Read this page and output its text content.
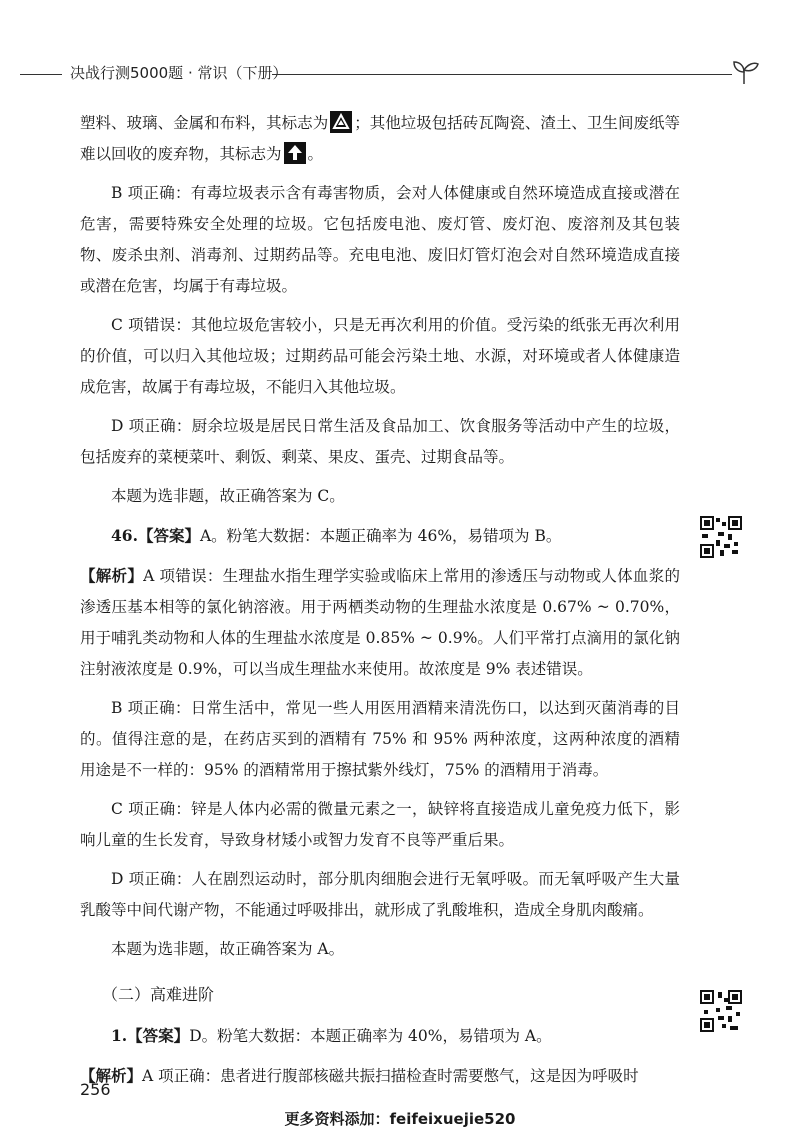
决战行测5000题 · 常识（下册）

塑料、玻璃、金属和布料，其标志为 ；其他垃圾包括砖瓦陶瓷、渣土、卫生间废纸等难以回收的废弃物，其标志为 。

B 项正确：有毒垃圾表示含有毒害物质，会对人体健康或自然环境造成直接或潜在危害，需要特殊安全处理的垃圾。它包括废电池、废灯管、废灯泡、废溶剂及其包装物、废杀虫剂、消毒剂、过期药品等。充电电池、废旧灯管灯泡会对自然环境造成直接或潜在危害，均属于有毒垃圾。

C 项错误：其他垃圾危害较小，只是无再次利用的价值。受污染的纸张无再次利用的价值，可以归入其他垃圾；过期药品可能会污染土地、水源，对环境或者人体健康造成危害，故属于有毒垃圾，不能归入其他垃圾。

D 项正确：厨余垃圾是居民日常生活及食品加工、饮食服务等活动中产生的垃圾，包括废弃的菜梗菜叶、剩饭、剩菜、果皮、蛋壳、过期食品等。

本题为选非题，故正确答案为 C。

46.【答案】A。粉笔大数据：本题正确率为 46%，易错项为 B。

【解析】A 项错误：生理盐水指生理学实验或临床上常用的渗透压与动物或人体血浆的渗透压基本相等的氯化钠溶液。用于两栖类动物的生理盐水浓度是 0.67% ~ 0.70%，用于哺乳类动物和人体的生理盐水浓度是 0.85% ~ 0.9%。人们平常打点滴用的氯化钠注射液浓度是 0.9%，可以当成生理盐水来使用。故浓度是 9% 表述错误。

B 项正确：日常生活中，常见一些人用医用酒精来清洗伤口，以达到灭菌消毒的目的。值得注意的是，在药店买到的酒精有 75% 和 95% 两种浓度，这两种浓度的酒精用途是不一样的：95% 的酒精常用于擦拭紫外线灯，75% 的酒精用于消毒。

C 项正确：锌是人体内必需的微量元素之一，缺锌将直接造成儿童免疫力低下，影响儿童的生长发育，导致身材矮小或智力发育不良等严重后果。

D 项正确：人在剧烈运动时，部分肌肉细胞会进行无氧呼吸。而无氧呼吸产生大量乳酸等中间代谢产物，不能通过呼吸排出，就形成了乳酸堆积，造成全身肌肉酸痛。

本题为选非题，故正确答案为 A。

（二）高难进阶

1.【答案】D。粉笔大数据：本题正确率为 40%，易错项为 A。

【解析】A 项正确：患者进行腹部核磁共振扫描检查时需要憋气，这是因为呼吸时

256
更多资料添加：feifeixuejie520
